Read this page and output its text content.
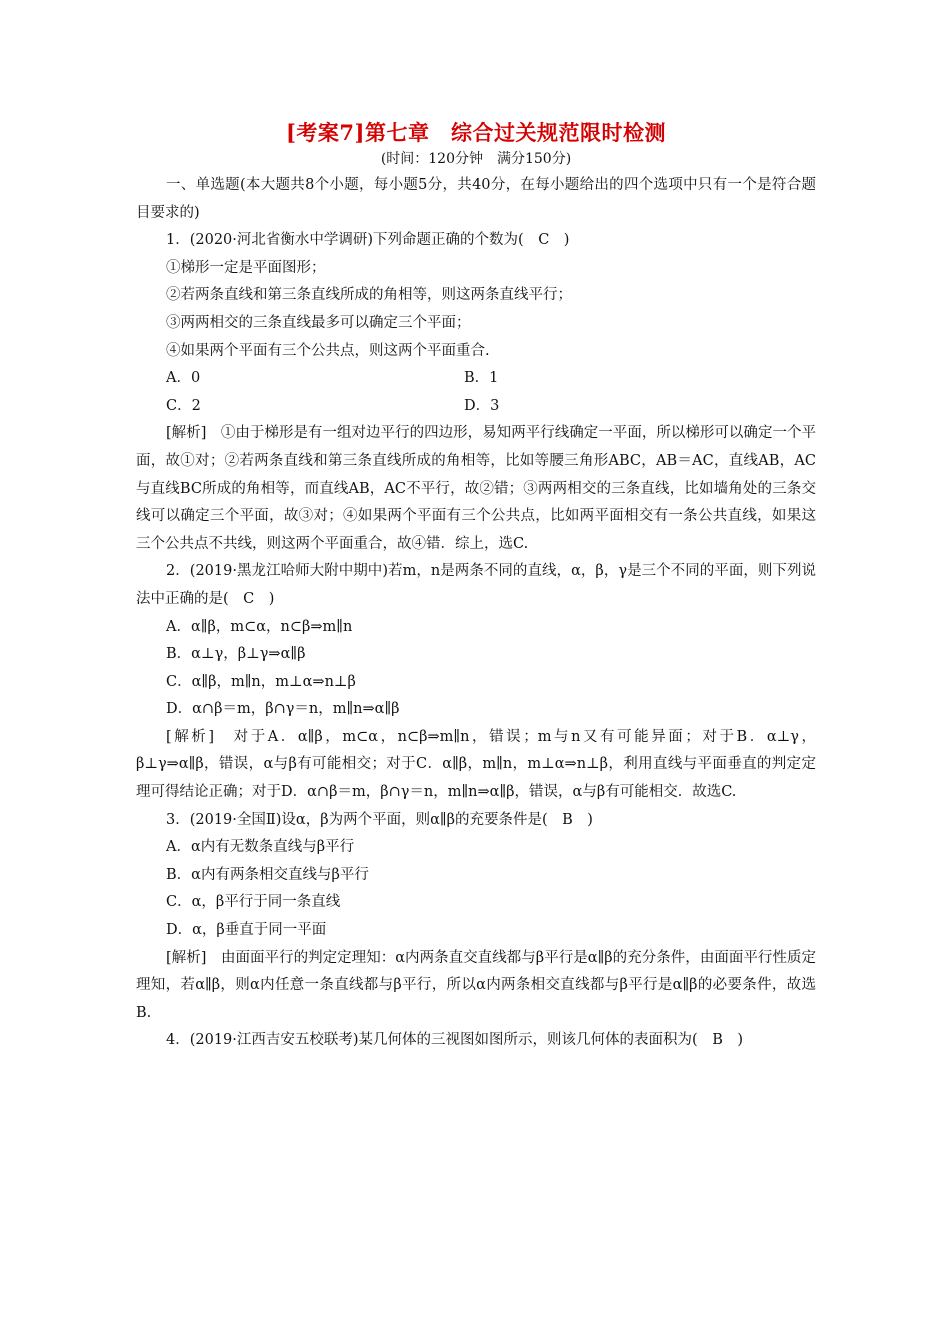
[考案7]第七章　综合过关规范限时检测
(时间：120分钟　满分150分)

一、单选题(本大题共8个小题，每小题5分，共40分，在每小题给出的四个选项中只有一个是符合题目要求的)

1．(2020·河北省衡水中学调研)下列命题正确的个数为(　C　)

①梯形一定是平面图形；

②若两条直线和第三条直线所成的角相等，则这两条直线平行；

③两两相交的三条直线最多可以确定三个平面；

④如果两个平面有三个公共点，则这两个平面重合.

A．0	B．1
C．2	D．3

[解析]　①由于梯形是有一组对边平行的四边形，易知两平行线确定一平面，所以梯形可以确定一个平面，故①对；②若两条直线和第三条直线所成的角相等，比如等腰三角形ABC，AB＝AC，直线AB，AC与直线BC所成的角相等，而直线AB，AC不平行，故②错；③两两相交的三条直线，比如墙角处的三条交线可以确定三个平面，故③对；④如果两个平面有三个公共点，比如两平面相交有一条公共直线，如果这三个公共点不共线，则这两个平面重合，故④错．综上，选C.

2．(2019·黑龙江哈师大附中期中)若m，n是两条不同的直线，α，β，γ是三个不同的平面，则下列说法中正确的是(　C　)

A．α∥β，m⊂α，n⊂β⇒m∥n
B．α⊥γ，β⊥γ⇒α∥β
C．α∥β，m∥n，m⊥α⇒n⊥β
D．α∩β＝m，β∩γ＝n，m∥n⇒α∥β

[解析]　对于A．α∥β，m⊂α，n⊂β⇒m∥n，错误；m与n又有可能异面；对于B．α⊥γ，β⊥γ⇒α∥β，错误，α与β有可能相交；对于C．α∥β，m∥n，m⊥α⇒n⊥β，利用直线与平面垂直的判定定理可得结论正确；对于D．α∩β＝m，β∩γ＝n，m∥n⇒α∥β，错误，α与β有可能相交．故选C.

3．(2019·全国Ⅱ)设α，β为两个平面，则α∥β的充要条件是(　B　)

A．α内有无数条直线与β平行
B．α内有两条相交直线与β平行
C．α，β平行于同一条直线
D．α，β垂直于同一平面

[解析]　由面面平行的判定定理知：α内两条直交直线都与β平行是α∥β的充分条件，由面面平行性质定理知，若α∥β，则α内任意一条直线都与β平行，所以α内两条相交直线都与β平行是α∥β的必要条件，故选B.

4．(2019·江西吉安五校联考)某几何体的三视图如图所示，则该几何体的表面积为(　B　)
